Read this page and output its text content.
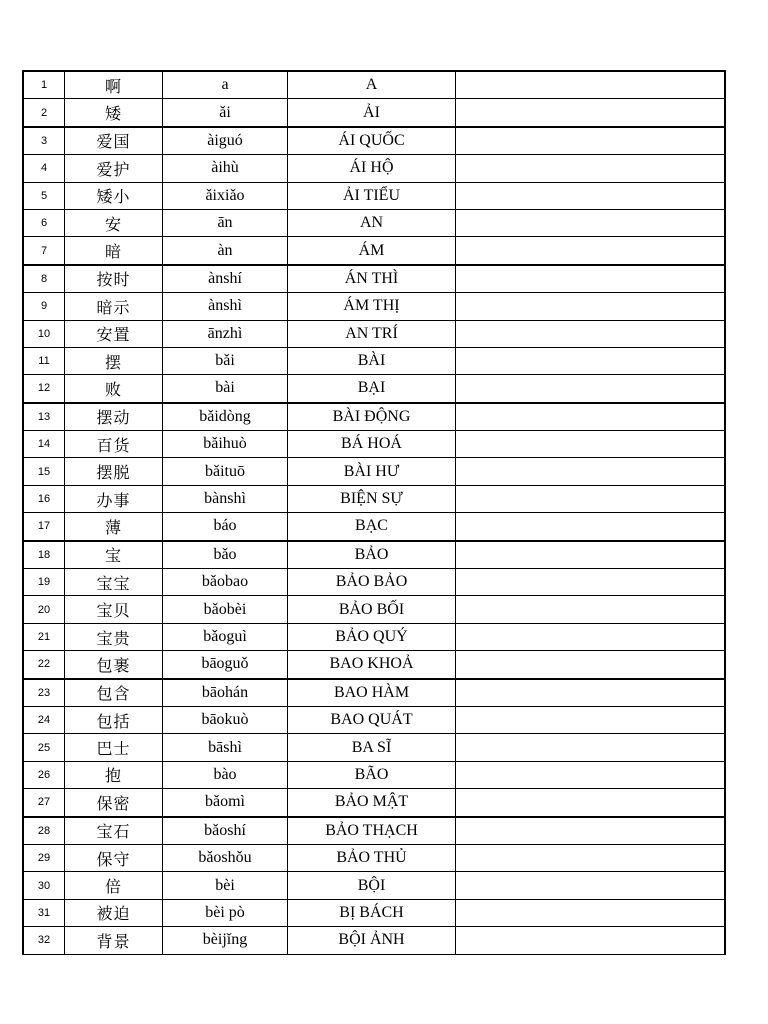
1	啊	a	A	
2	矮	ǎi	ẢI	
3	爱国	àiguó	ÁI QUỐC	
4	爱护	àihù	ÁI HỘ	
5	矮小	ǎixiǎo	ẢI TIỂU	
6	安	ān	AN	
7	暗	àn	ÁM	
8	按时	ànshí	ÁN THÌ	
9	暗示	ànshì	ÁM THỊ	
10	安置	ānzhì	AN TRÍ	
11	摆	bǎi	BÀI	
12	败	bài	BẠI	
13	摆动	bǎidòng	BÀI ĐỘNG	
14	百货	bǎihuò	BÁ HOÁ	
15	摆脱	bǎituō	BÀI HƯ	
16	办事	bànshì	BIỆN SỰ	
17	薄	báo	BẠC	
18	宝	bǎo	BẢO	
19	宝宝	bǎobao	BẢO BẢO	
20	宝贝	bǎobèi	BẢO BỐI	
21	宝贵	bǎoguì	BẢO QUÝ	
22	包裹	bāoguǒ	BAO KHOẢ	
23	包含	bāohán	BAO HÀM	
24	包括	bāokuò	BAO QUÁT	
25	巴士	bāshì	BA SĨ	
26	抱	bào	BÃO	
27	保密	bǎomì	BẢO MẬT	
28	宝石	bǎoshí	BẢO THẠCH	
29	保守	bǎoshǒu	BẢO THỦ	
30	倍	bèi	BỘI	
31	被迫	bèi pò	BỊ BÁCH	
32	背景	bèijǐng	BỘI ẢNH	
